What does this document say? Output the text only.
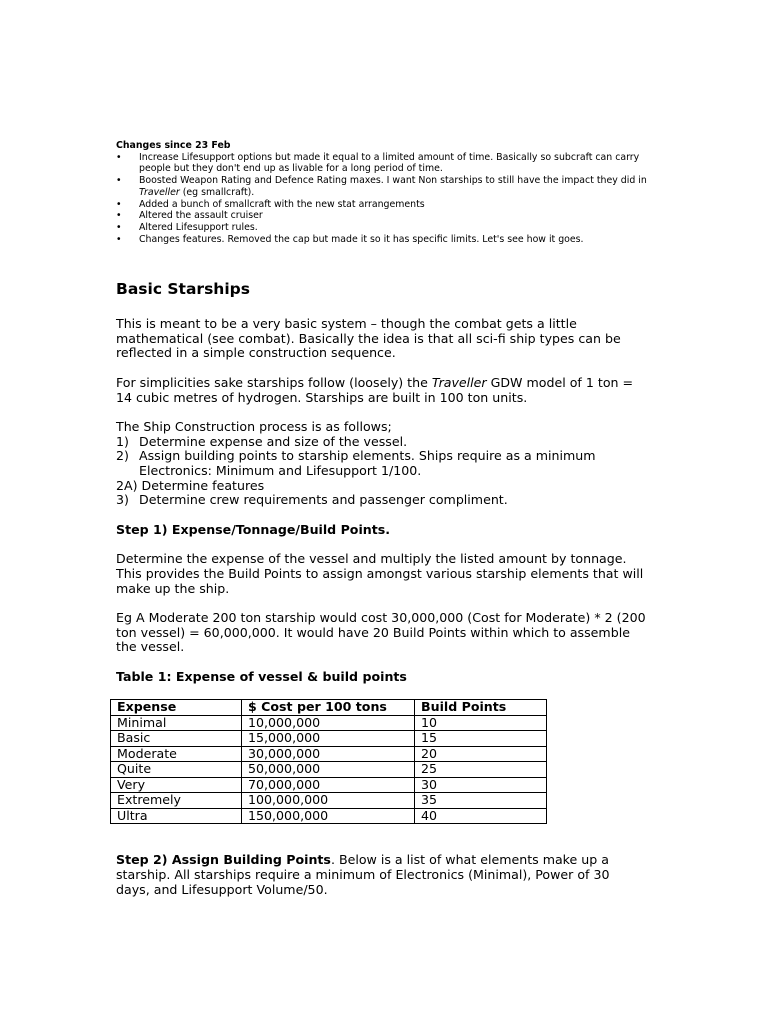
Changes since 23 Feb
• Increase Lifesupport options but made it equal to a limited amount of time. Basically so subcraft can carry people but they don't end up as livable for a long period of time.
• Boosted Weapon Rating and Defence Rating maxes. I want Non starships to still have the impact they did in Traveller (eg smallcraft).
• Added a bunch of smallcraft with the new stat arrangements
• Altered the assault cruiser
• Altered Lifesupport rules.
• Changes features. Removed the cap but made it so it has specific limits. Let's see how it goes.
Basic Starships

This is meant to be a very basic system – though the combat gets a little mathematical (see combat). Basically the idea is that all sci-fi ship types can be reflected in a simple construction sequence.

For simplicities sake starships follow (loosely) the Traveller GDW model of 1 ton = 14 cubic metres of hydrogen. Starships are built in 100 ton units.

The Ship Construction process is as follows;
1) Determine expense and size of the vessel.
2) Assign building points to starship elements. Ships require as a minimum Electronics: Minimum and Lifesupport 1/100.
2A) Determine features
3) Determine crew requirements and passenger compliment.

Step 1) Expense/Tonnage/Build Points.

Determine the expense of the vessel and multiply the listed amount by tonnage. This provides the Build Points to assign amongst various starship elements that will make up the ship.

Eg A Moderate 200 ton starship would cost 30,000,000 (Cost for Moderate) * 2 (200 ton vessel) = 60,000,000. It would have 20 Build Points within which to assemble the vessel.

Table 1: Expense of vessel & build points
Expense	$ Cost per 100 tons	Build Points
Minimal	10,000,000	10
Basic	15,000,000	15
Moderate	30,000,000	20
Quite	50,000,000	25
Very	70,000,000	30
Extremely	100,000,000	35
Ultra	150,000,000	40

Step 2) Assign Building Points. Below is a list of what elements make up a starship. All starships require a minimum of Electronics (Minimal), Power of 30 days, and Lifesupport Volume/50.
